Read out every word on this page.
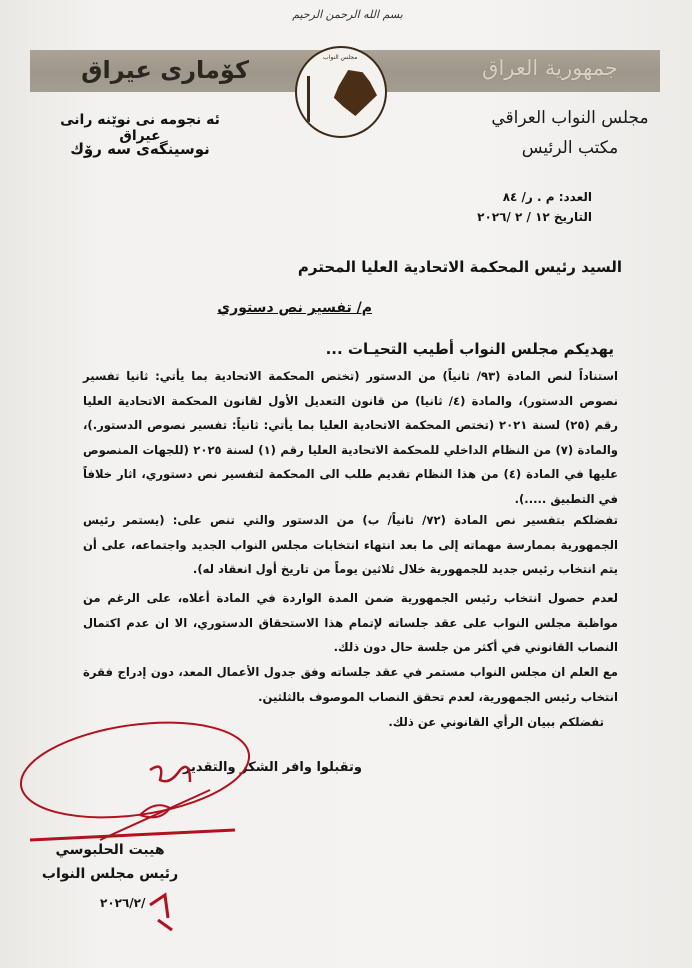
بسم الله الرحمن الرحيم
كۆماری عیراق	جمهورية العراق
مجلس النواب
ئه نجومه نی نوێنه رانی عیراق
نوسینگه‌ی سه رۆك
مجلس النواب العراقي
مكتب الرئيس
العدد: م . ر/ ٨٤
التاريخ ١٢ / ٢ /٢٠٢٦
السيد رئيس المحكمة الاتحادية العليا المحترم
م/ تفسير نص دستوري
يهديكم مجلس النواب أطيب التحيـات ...
استناداً لنص المادة (٩٣/ ثانياً) من الدستور (تختص المحكمة الاتحادية بما يأتي: ثانيا تفسير نصوص الدستور)، والمادة (٤/ ثانيا) من قانون التعديل الأول لقانون المحكمة الاتحادية العليا رقم (٢٥) لسنة ٢٠٢١ (تختص المحكمة الاتحادية العليا بما يأتي: ثانياً: تفسير نصوص الدستور.)، والمادة (٧) من النظام الداخلي للمحكمة الاتحادية العليا رقم (١) لسنة ٢٠٢٥ (للجهات المنصوص عليها في المادة (٤) من هذا النظام تقديم طلب الى المحكمة لتفسير نص دستوري، اثار خلافاً في التطبيق .....).
تفضلكم بتفسير نص المادة (٧٢/ ثانياً/ ب) من الدستور والتي تنص على: (يستمر رئيس الجمهورية بممارسة مهماته إلى ما بعد انتهاء انتخابات مجلس النواب الجديد واجتماعه، على أن يتم انتخاب رئيس جديد للجمهورية خلال ثلاثين يوماً من تاريخ أول انعقاد له).
لعدم حصول انتخاب رئيس الجمهورية ضمن المدة الواردة في المادة أعلاه، على الرغم من مواظبة مجلس النواب على عقد جلساته لإتمام هذا الاستحقاق الدستوري، الا ان عدم اكتمال النصاب القانوني في أكثر من جلسة حال دون ذلك.
مع العلم ان مجلس النواب مستمر في عقد جلساته وفق جدول الأعمال المعد، دون إدراج فقرة انتخاب رئيس الجمهورية، لعدم تحقق النصاب الموصوف بالثلثين.
تفضلكم ببيان الرأي القانوني عن ذلك.
وتقبلوا وافر الشكر والتقدير
هيبت الحلبوسي
رئيس مجلس النواب
٢٠٢٦/٢/
